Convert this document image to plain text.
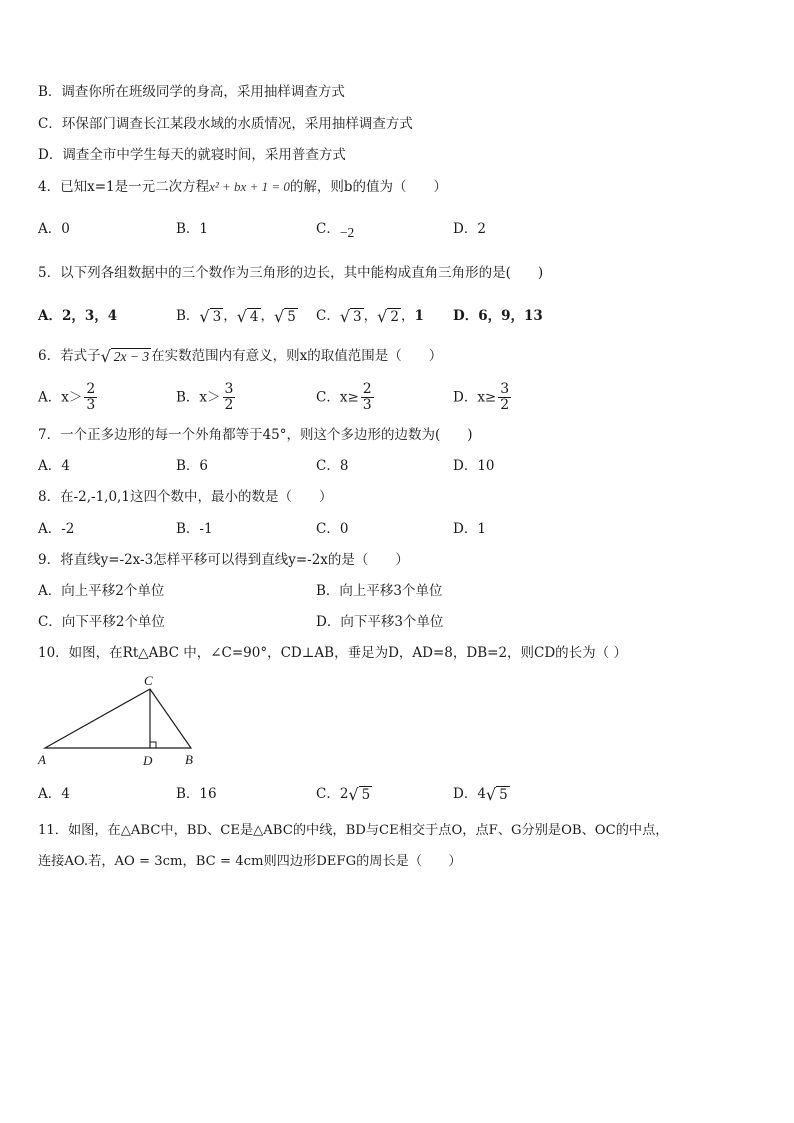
B．调查你所在班级同学的身高，采用抽样调查方式
C．环保部门调查长江某段水域的水质情况，采用抽样调查方式
D．调查全市中学生每天的就寝时间，采用普查方式
4．已知x=1是一元二次方程x² + bx + 1 = 0的解，则b的值为（　　）
A．0	B．1	C．−2	D．2
5．以下列各组数据中的三个数作为三角形的边长，其中能构成直角三角形的是(　　)
A．2，3，4	B．√ 3 ，√ 4 ，√ 5 C．√ 3 ，√ 2 ，1 D．6，9，13
6．若式子√ 2x − 3 在实数范围内有意义，则x的取值范围是（　　）
A．$x> \frac{2}{3}$	B．$x> \frac{3}{2}$	C．$x\ge \frac{2}{3}$	D．$x\ge \frac{3}{2}$
7．一个正多边形的每一个外角都等于45°，则这个多边形的边数为(　　)
A．4	B．6	C．8	D．10
8．在-2,-1,0,1这四个数中，最小的数是（　　）
A．-2	B．-1	C．0	D．1
9．将直线y=-2x-3怎样平移可以得到直线y=-2x的是（　　）
A．向上平移2个单位	B．向上平移3个单位
C．向下平移2个单位	D．向下平移3个单位
10．如图，在Rt△ABC 中，∠C=90°，CD⊥AB，垂足为D，AD=8，DB=2，则CD的长为（ ）
C
A	D	B
A．4	B．16	C．2√ 5	D．4√ 5
11．如图，在△ABC中，BD、CE是△ABC的中线，BD与CE相交于点O，点F、G分别是OB、OC的中点，
连接AO.若，AO = 3cm，BC = 4cm则四边形DEFG的周长是（　　）
